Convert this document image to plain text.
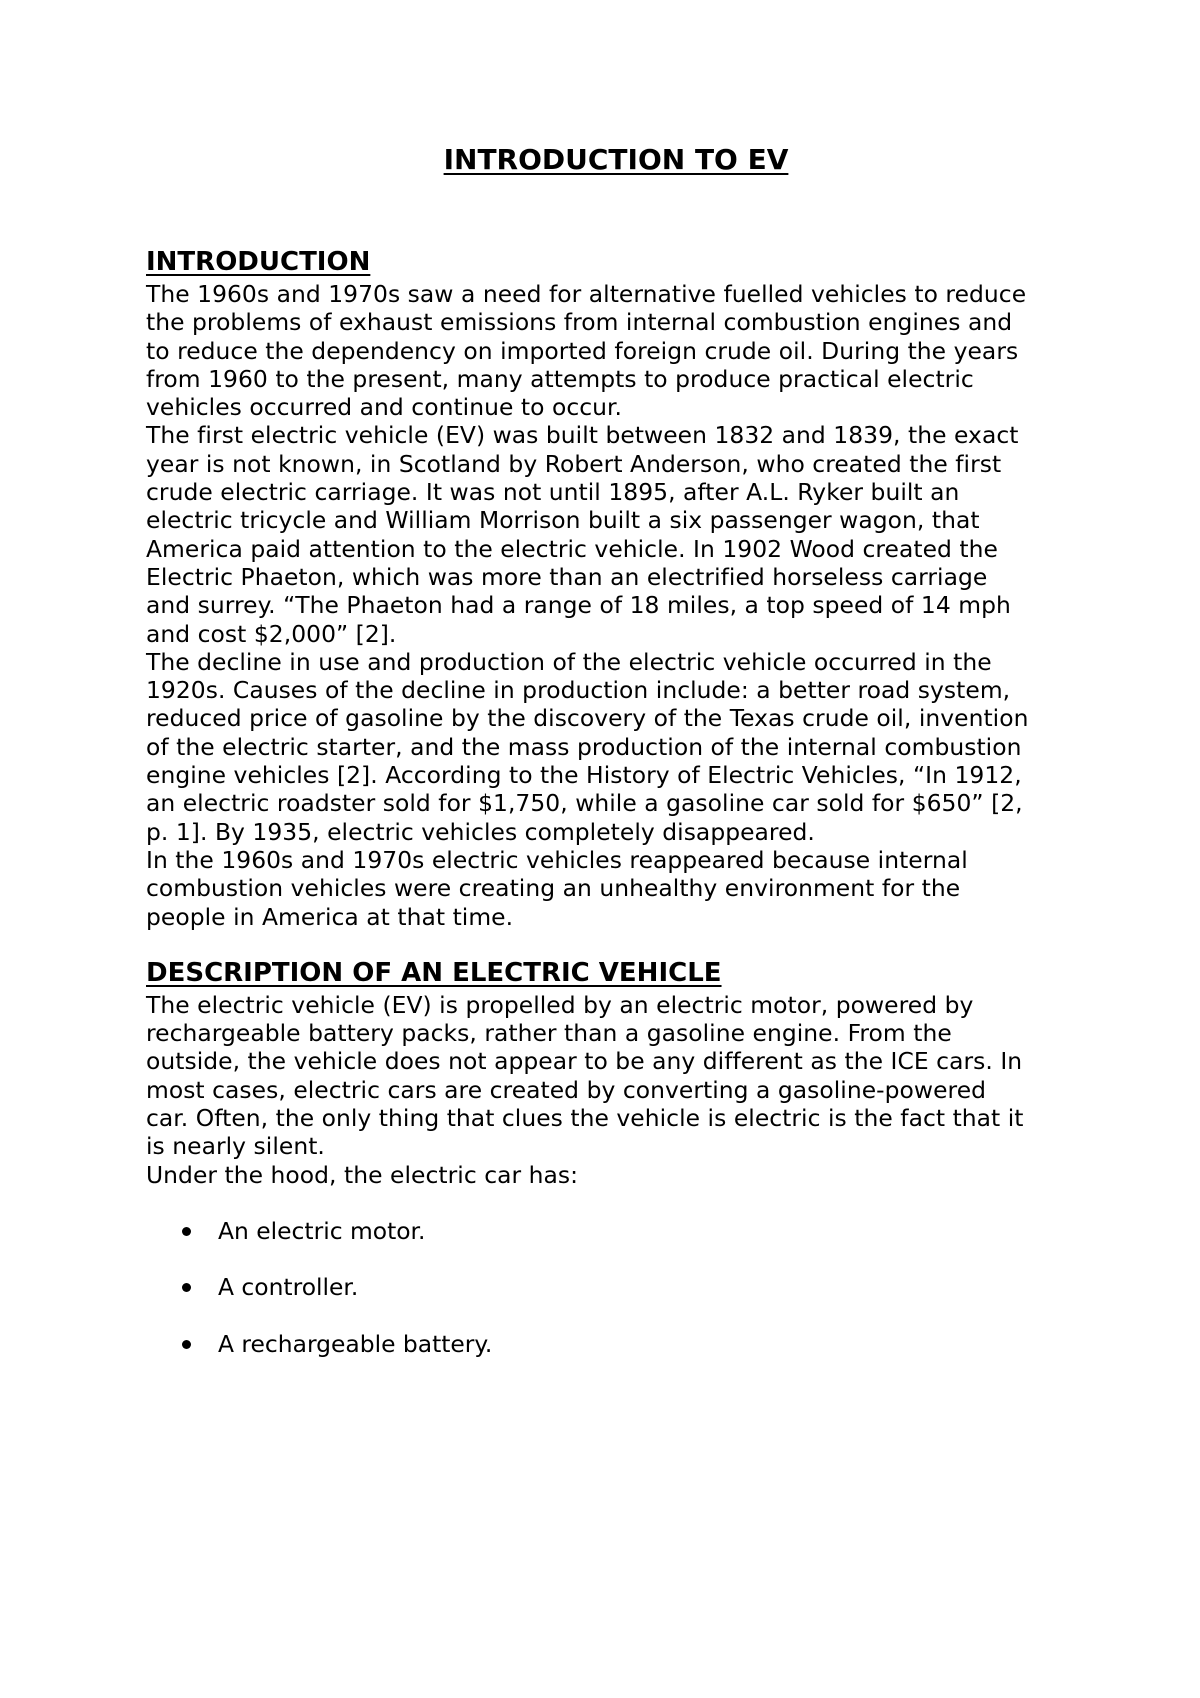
INTRODUCTION TO EV
INTRODUCTION

The 1960s and 1970s saw a need for alternative fuelled vehicles to reduce
the problems of exhaust emissions from internal combustion engines and
to reduce the dependency on imported foreign crude oil. During the years
from 1960 to the present, many attempts to produce practical electric
vehicles occurred and continue to occur.

The first electric vehicle (EV) was built between 1832 and 1839, the exact
year is not known, in Scotland by Robert Anderson, who created the first
crude electric carriage. It was not until 1895, after A.L. Ryker built an
electric tricycle and William Morrison built a six passenger wagon, that
America paid attention to the electric vehicle. In 1902 Wood created the
Electric Phaeton, which was more than an electrified horseless carriage
and surrey. “The Phaeton had a range of 18 miles, a top speed of 14 mph
and cost $2,000” [2].

The decline in use and production of the electric vehicle occurred in the
1920s. Causes of the decline in production include: a better road system,
reduced price of gasoline by the discovery of the Texas crude oil, invention
of the electric starter, and the mass production of the internal combustion
engine vehicles [2]. According to the History of Electric Vehicles, “In 1912,
an electric roadster sold for $1,750, while a gasoline car sold for $650” [2,
p. 1]. By 1935, electric vehicles completely disappeared.

In the 1960s and 1970s electric vehicles reappeared because internal
combustion vehicles were creating an unhealthy environment for the
people in America at that time.

DESCRIPTION OF AN ELECTRIC VEHICLE

The electric vehicle (EV) is propelled by an electric motor, powered by
rechargeable battery packs, rather than a gasoline engine. From the
outside, the vehicle does not appear to be any different as the ICE cars. In
most cases, electric cars are created by converting a gasoline-powered
car. Often, the only thing that clues the vehicle is electric is the fact that it
is nearly silent.

Under the hood, the electric car has:

An electric motor.
A controller.
A rechargeable battery.
